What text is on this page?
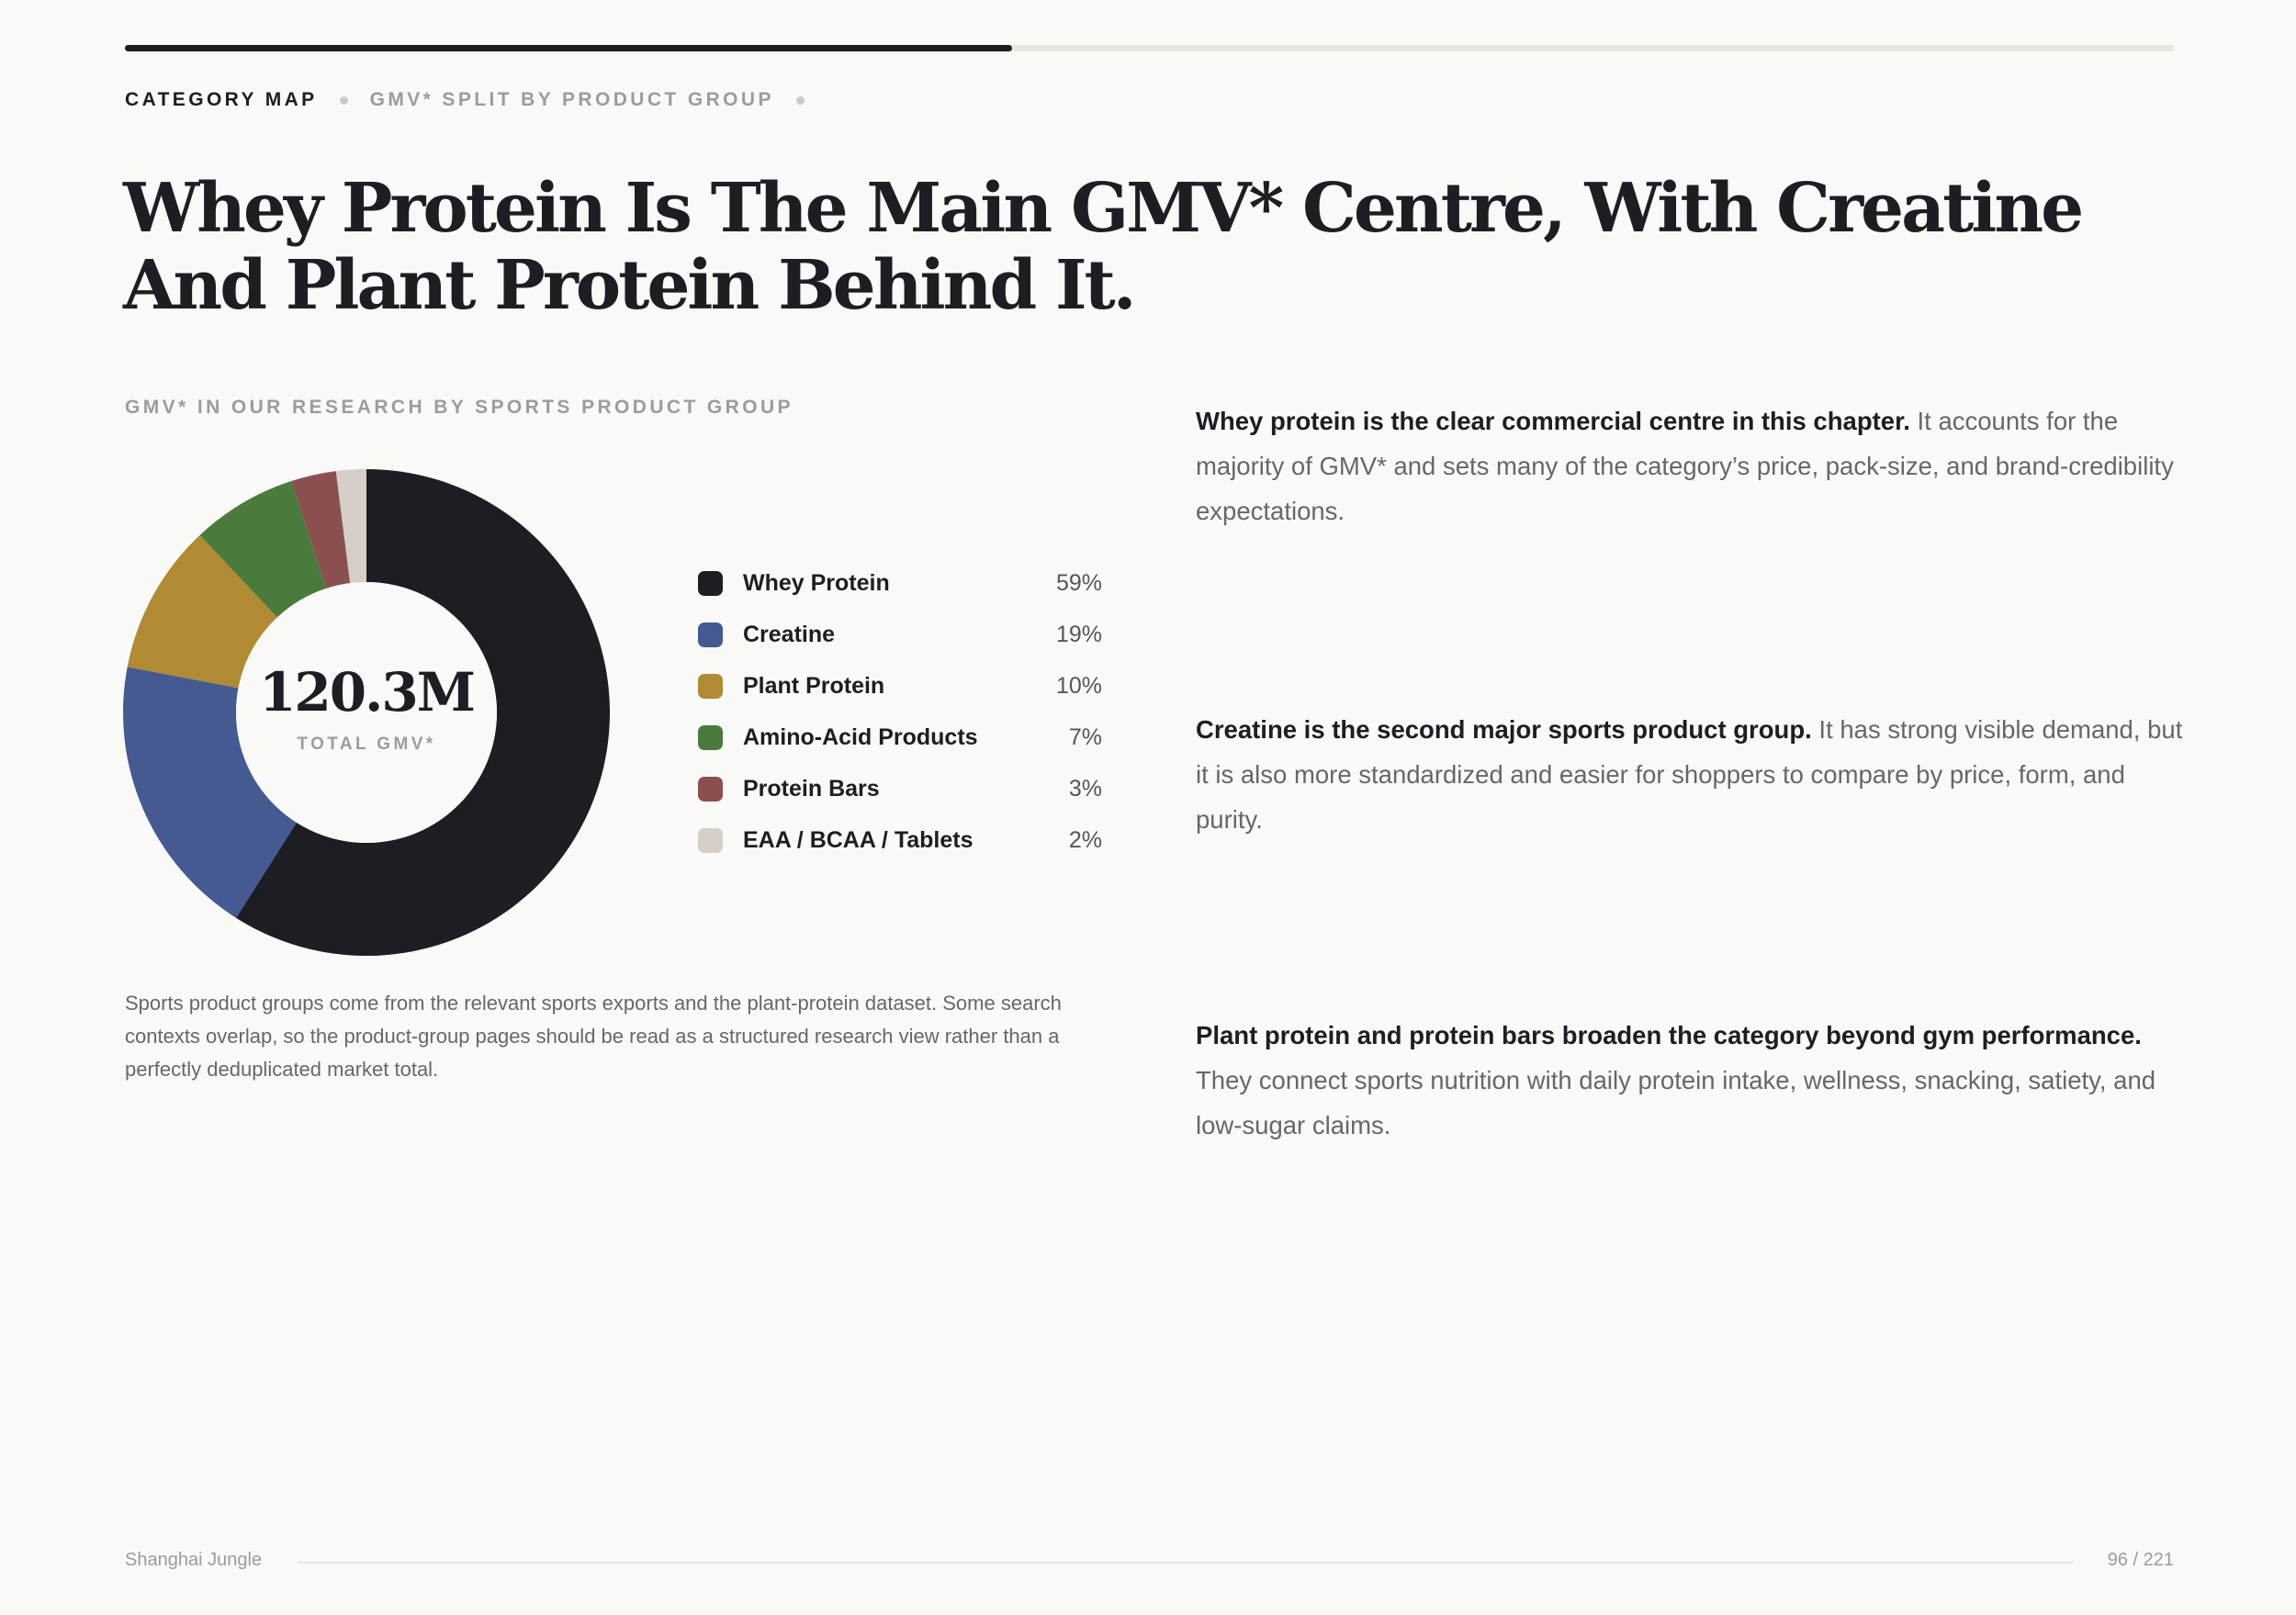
CATEGORY MAP	GMV* SPLIT BY PRODUCT GROUP
Whey Protein Is The Main GMV* Centre, With Creatine And Plant Protein Behind It.
GMV* IN OUR RESEARCH BY SPORTS PRODUCT GROUP
120.3M
TOTAL GMV*
Whey Protein	59%
Creatine	19%
Plant Protein	10%
Amino-Acid Products	7%
Protein Bars	3%
EAA / BCAA / Tablets	2%

Sports product groups come from the relevant sports exports and the plant-protein dataset. Some search contexts overlap, so the product-group pages should be read as a structured research view rather than a perfectly deduplicated market total.

Whey protein is the clear commercial centre in this chapter. It accounts for the majority of GMV* and sets many of the category’s price, pack-size, and brand-credibility expectations.

Creatine is the second major sports product group. It has strong visible demand, but it is also more standardized and easier for shoppers to compare by price, form, and purity.

Plant protein and protein bars broaden the category beyond gym performance. They connect sports nutrition with daily protein intake, wellness, snacking, satiety, and low-sugar claims.

Shanghai Jungle	96 / 221
